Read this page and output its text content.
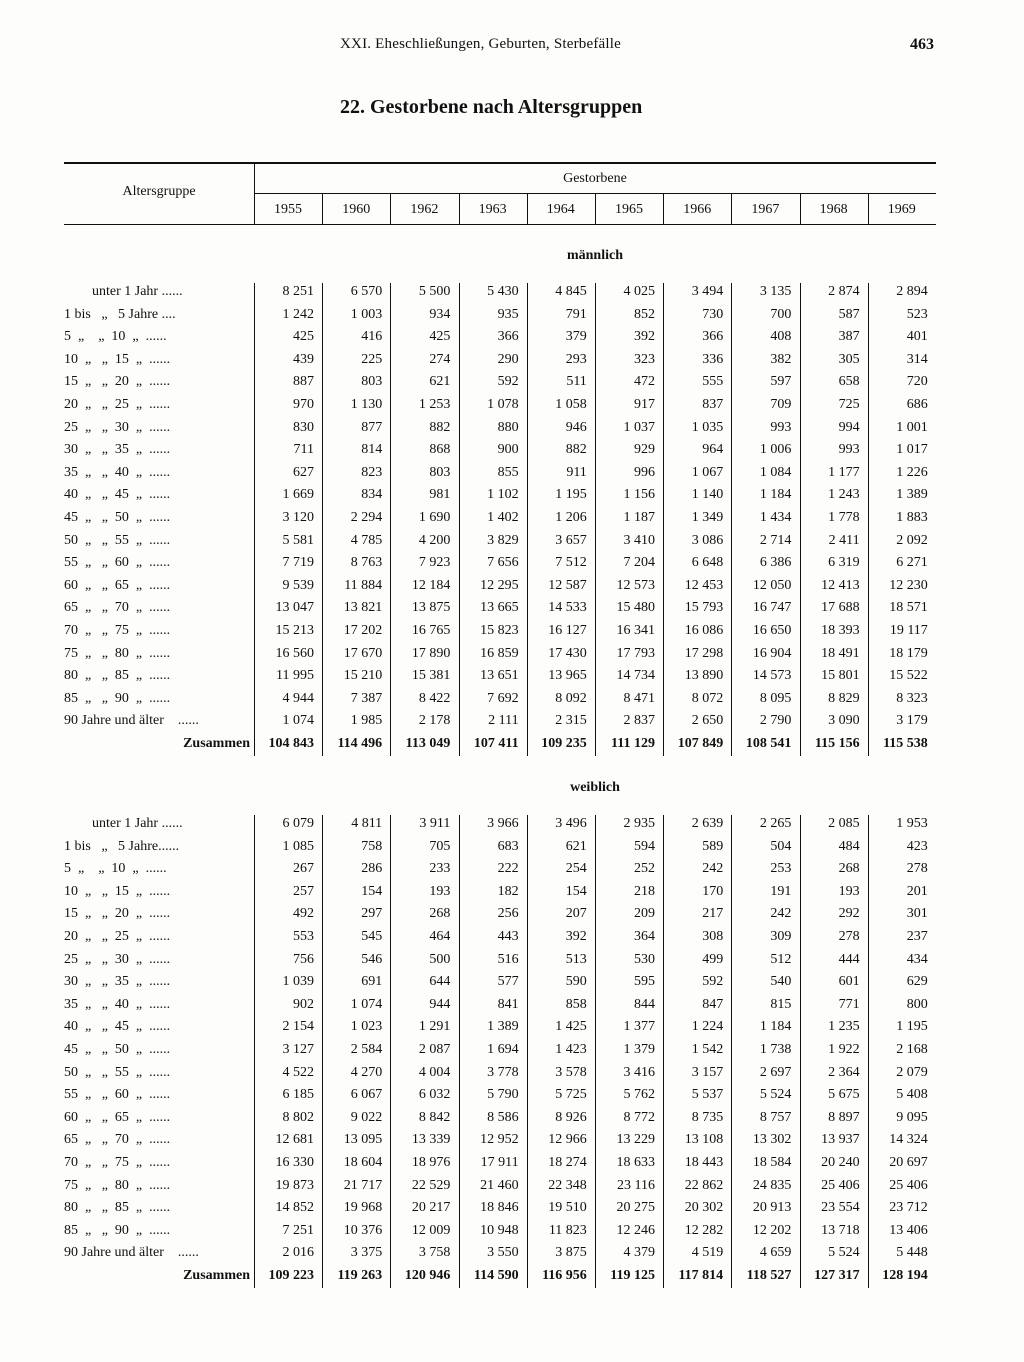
XXI. Eheschließungen, Geburten, Sterbefälle	463
22. Gestorbene nach Altersgruppen
Altersgruppe
Gestorbene
1955	1960	1962	1963	1964	1965	1966	1967	1968	1969
männlich
unter 1 Jahr ......	8 251	6 570	5 500	5 430	4 845	4 025	3 494	3 135	2 874	2 894
1 bis   „   5 Jahre ....	1 242	1 003	934	935	791	852	730	700	587	523
5  „    „  10  „  ......	425	416	425	366	379	392	366	408	387	401
10  „   „  15  „  ......	439	225	274	290	293	323	336	382	305	314
15  „   „  20  „  ......	887	803	621	592	511	472	555	597	658	720
20  „   „  25  „  ......	970	1 130	1 253	1 078	1 058	917	837	709	725	686
25  „   „  30  „  ......	830	877	882	880	946	1 037	1 035	993	994	1 001
30  „   „  35  „  ......	711	814	868	900	882	929	964	1 006	993	1 017
35  „   „  40  „  ......	627	823	803	855	911	996	1 067	1 084	1 177	1 226
40  „   „  45  „  ......	1 669	834	981	1 102	1 195	1 156	1 140	1 184	1 243	1 389
45  „   „  50  „  ......	3 120	2 294	1 690	1 402	1 206	1 187	1 349	1 434	1 778	1 883
50  „   „  55  „  ......	5 581	4 785	4 200	3 829	3 657	3 410	3 086	2 714	2 411	2 092
55  „   „  60  „  ......	7 719	8 763	7 923	7 656	7 512	7 204	6 648	6 386	6 319	6 271
60  „   „  65  „  ......	9 539	11 884	12 184	12 295	12 587	12 573	12 453	12 050	12 413	12 230
65  „   „  70  „  ......	13 047	13 821	13 875	13 665	14 533	15 480	15 793	16 747	17 688	18 571
70  „   „  75  „  ......	15 213	17 202	16 765	15 823	16 127	16 341	16 086	16 650	18 393	19 117
75  „   „  80  „  ......	16 560	17 670	17 890	16 859	17 430	17 793	17 298	16 904	18 491	18 179
80  „   „  85  „  ......	11 995	15 210	15 381	13 651	13 965	14 734	13 890	14 573	15 801	15 522
85  „   „  90  „  ......	4 944	7 387	8 422	7 692	8 092	8 471	8 072	8 095	8 829	8 323
90 Jahre und älter    ......	1 074	1 985	2 178	2 111	2 315	2 837	2 650	2 790	3 090	3 179
Zusammen	104 843	114 496	113 049	107 411	109 235	111 129	107 849	108 541	115 156	115 538
weiblich
unter 1 Jahr ......	6 079	4 811	3 911	3 966	3 496	2 935	2 639	2 265	2 085	1 953
1 bis   „   5 Jahre......	1 085	758	705	683	621	594	589	504	484	423
5  „    „  10  „  ......	267	286	233	222	254	252	242	253	268	278
10  „   „  15  „  ......	257	154	193	182	154	218	170	191	193	201
15  „   „  20  „  ......	492	297	268	256	207	209	217	242	292	301
20  „   „  25  „  ......	553	545	464	443	392	364	308	309	278	237
25  „   „  30  „  ......	756	546	500	516	513	530	499	512	444	434
30  „   „  35  „  ......	1 039	691	644	577	590	595	592	540	601	629
35  „   „  40  „  ......	902	1 074	944	841	858	844	847	815	771	800
40  „   „  45  „  ......	2 154	1 023	1 291	1 389	1 425	1 377	1 224	1 184	1 235	1 195
45  „   „  50  „  ......	3 127	2 584	2 087	1 694	1 423	1 379	1 542	1 738	1 922	2 168
50  „   „  55  „  ......	4 522	4 270	4 004	3 778	3 578	3 416	3 157	2 697	2 364	2 079
55  „   „  60  „  ......	6 185	6 067	6 032	5 790	5 725	5 762	5 537	5 524	5 675	5 408
60  „   „  65  „  ......	8 802	9 022	8 842	8 586	8 926	8 772	8 735	8 757	8 897	9 095
65  „   „  70  „  ......	12 681	13 095	13 339	12 952	12 966	13 229	13 108	13 302	13 937	14 324
70  „   „  75  „  ......	16 330	18 604	18 976	17 911	18 274	18 633	18 443	18 584	20 240	20 697
75  „   „  80  „  ......	19 873	21 717	22 529	21 460	22 348	23 116	22 862	24 835	25 406	25 406
80  „   „  85  „  ......	14 852	19 968	20 217	18 846	19 510	20 275	20 302	20 913	23 554	23 712
85  „   „  90  „  ......	7 251	10 376	12 009	10 948	11 823	12 246	12 282	12 202	13 718	13 406
90 Jahre und älter    ......	2 016	3 375	3 758	3 550	3 875	4 379	4 519	4 659	5 524	5 448
Zusammen	109 223	119 263	120 946	114 590	116 956	119 125	117 814	118 527	127 317	128 194
